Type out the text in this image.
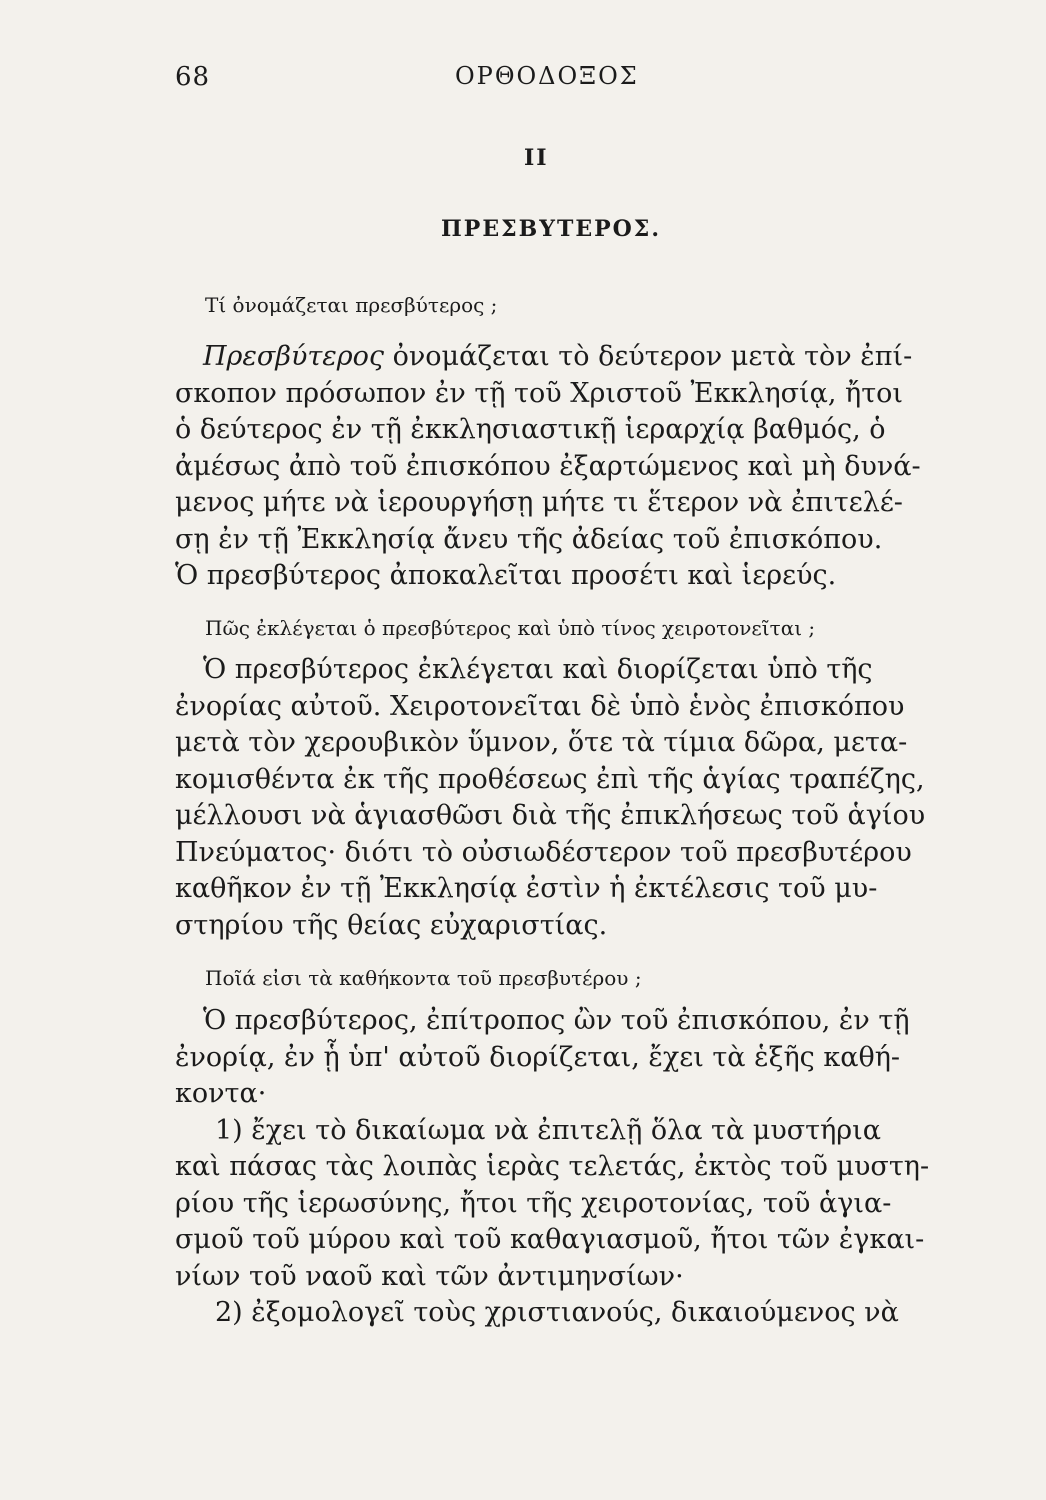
68	ΟΡΘΟΔΟΞΟΣ
II
ΠΡΕΣΒΥΤΕΡΟΣ.
Τί ὀνομάζεται πρεσβύτερος ;
Πρεσβύτερος ὀνομάζεται τὸ δεύτερον μετὰ τὸν ἐπί-
σκοπον πρόσωπον ἐν τῇ τοῦ Χριστοῦ Ἐκκλησίᾳ, ἤτοι
ὁ δεύτερος ἐν τῇ ἐκκλησιαστικῇ ἱεραρχίᾳ βαθμός, ὁ
ἀμέσως ἀπὸ τοῦ ἐπισκόπου ἐξαρτώμενος καὶ μὴ δυνά-
μενος μήτε νὰ ἱερουργήσῃ μήτε τι ἕτερον νὰ ἐπιτελέ-
σῃ ἐν τῇ Ἐκκλησίᾳ ἄνευ τῆς ἀδείας τοῦ ἐπισκόπου.
Ὁ πρεσβύτερος ἀποκαλεῖται προσέτι καὶ ἱερεύς.
Πῶς ἐκλέγεται ὁ πρεσβύτερος καὶ ὑπὸ τίνος χειροτονεῖται ;
Ὁ πρεσβύτερος ἐκλέγεται καὶ διορίζεται ὑπὸ τῆς
ἐνορίας αὐτοῦ. Χειροτονεῖται δὲ ὑπὸ ἑνὸς ἐπισκόπου
μετὰ τὸν χερουβικὸν ὕμνον, ὅτε τὰ τίμια δῶρα, μετα-
κομισθέντα ἐκ τῆς προθέσεως ἐπὶ τῆς ἁγίας τραπέζης,
μέλλουσι νὰ ἁγιασθῶσι διὰ τῆς ἐπικλήσεως τοῦ ἁγίου
Πνεύματος· διότι τὸ οὐσιωδέστερον τοῦ πρεσβυτέρου
καθῆκον ἐν τῇ Ἐκκλησίᾳ ἐστὶν ἡ ἐκτέλεσις τοῦ μυ-
στηρίου τῆς θείας εὐχαριστίας.
Ποῖά εἰσι τὰ καθήκοντα τοῦ πρεσβυτέρου ;
Ὁ πρεσβύτερος, ἐπίτροπος ὢν τοῦ ἐπισκόπου, ἐν τῇ
ἐνορίᾳ, ἐν ᾗ ὑπ' αὐτοῦ διορίζεται, ἔχει τὰ ἑξῆς καθή-
κοντα·
1) ἔχει τὸ δικαίωμα νὰ ἐπιτελῇ ὅλα τὰ μυστήρια
καὶ πάσας τὰς λοιπὰς ἱερὰς τελετάς, ἐκτὸς τοῦ μυστη-
ρίου τῆς ἱερωσύνης, ἤτοι τῆς χειροτονίας, τοῦ ἁγια-
σμοῦ τοῦ μύρου καὶ τοῦ καθαγιασμοῦ, ἤτοι τῶν ἐγκαι-
νίων τοῦ ναοῦ καὶ τῶν ἀντιμηνσίων·
2) ἐξομολογεῖ τοὺς χριστιανούς, δικαιούμενος νὰ
